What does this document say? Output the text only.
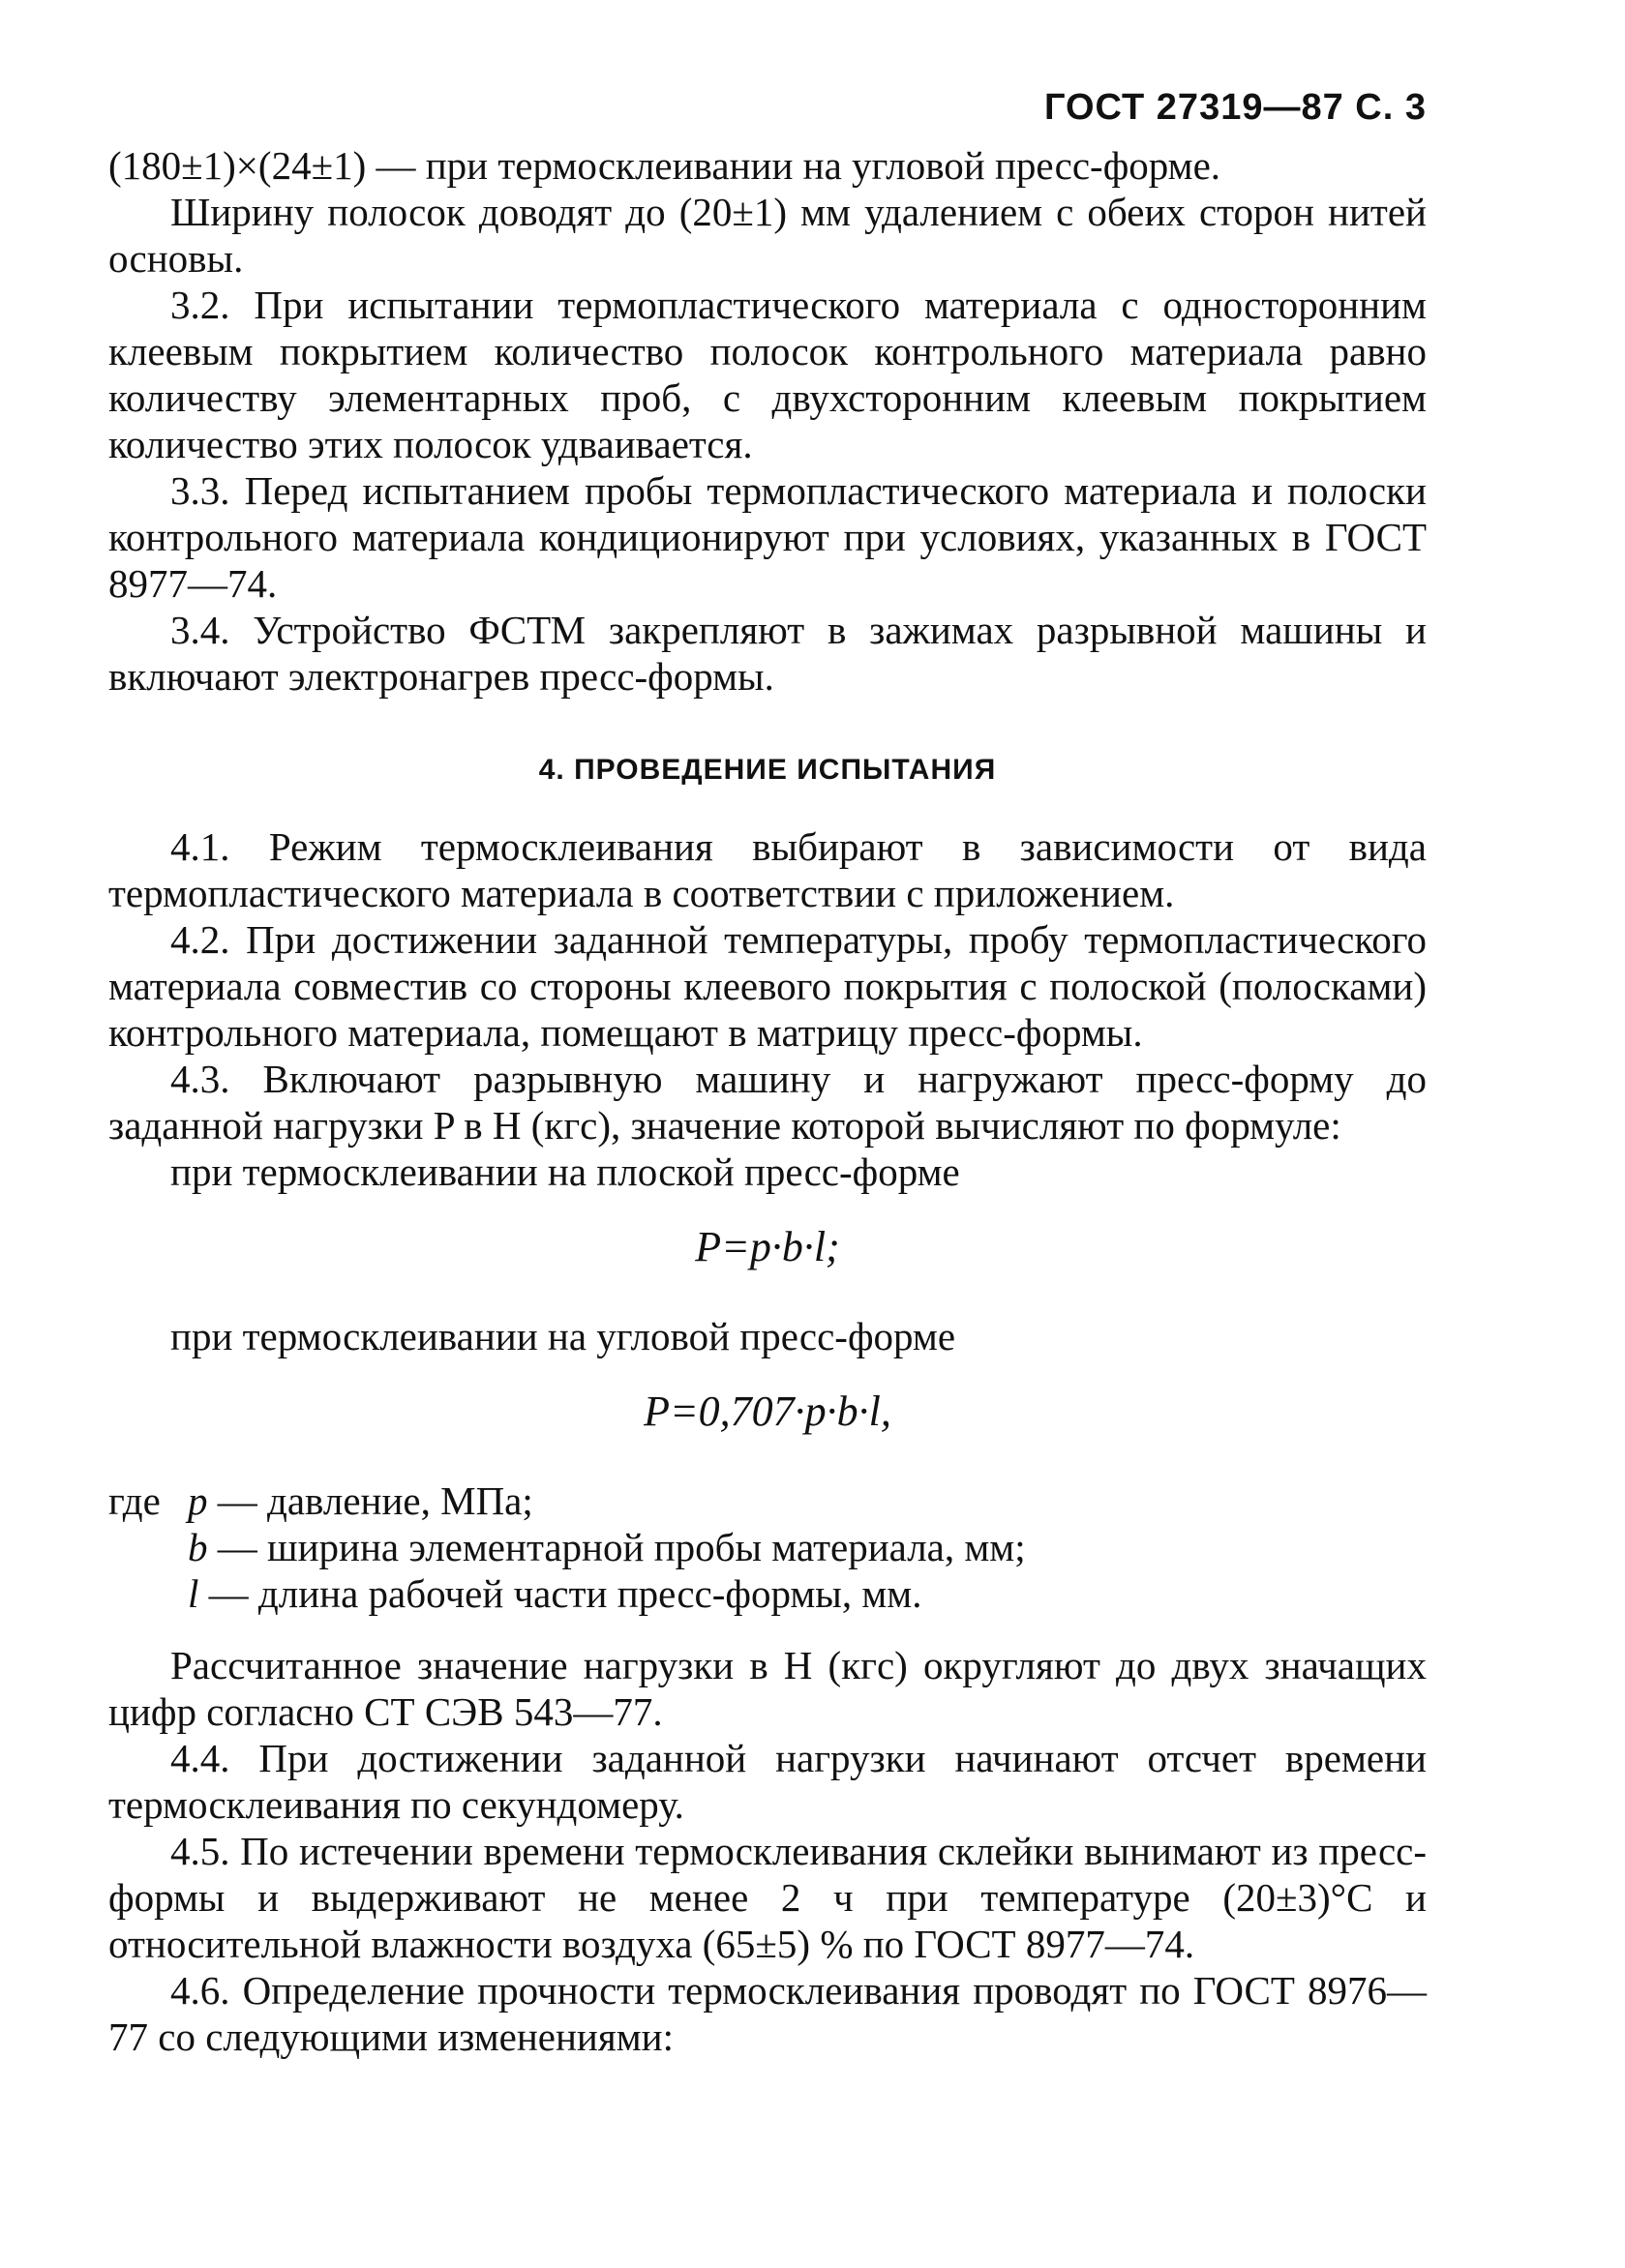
ГОСТ 27319—87 С. 3

(180±1)×(24±1) — при термосклеивании на угловой пресс-форме.

Ширину полосок доводят до (20±1) мм удалением с обеих сторон нитей основы.

3.2. При испытании термопластического материала с односторонним клеевым покрытием количество полосок контрольного материала равно количеству элементарных проб, с двухсторонним клеевым покрытием количество этих полосок удваивается.

3.3. Перед испытанием пробы термопластического материала и полоски контрольного материала кондиционируют при условиях, указанных в ГОСТ 8977—74.

3.4. Устройство ФСТМ закрепляют в зажимах разрывной машины и включают электронагрев пресс-формы.

4. ПРОВЕДЕНИЕ ИСПЫТАНИЯ

4.1. Режим термосклеивания выбирают в зависимости от вида термопластического материала в соответствии с приложением.

4.2. При достижении заданной температуры, пробу термопластического материала совместив со стороны клеевого покрытия с полоской (полосками) контрольного материала, помещают в матрицу пресс-формы.

4.3. Включают разрывную машину и нагружают пресс-форму до заданной нагрузки P в Н (кгс), значение которой вычисляют по формуле:

при термосклеивании на плоской пресс-форме

P=p·b·l;

при термосклеивании на угловой пресс-форме

P=0,707·p·b·l,
где p — давление, МПа;
b — ширина элементарной пробы материала, мм;
l — длина рабочей части пресс-формы, мм.

Рассчитанное значение нагрузки в Н (кгс) округляют до двух значащих цифр согласно СТ СЭВ 543—77.

4.4. При достижении заданной нагрузки начинают отсчет времени термосклеивания по секундомеру.

4.5. По истечении времени термосклеивания склейки вынимают из пресс-формы и выдерживают не менее 2 ч при температуре (20±3)°С и относительной влажности воздуха (65±5) % по ГОСТ 8977—74.

4.6. Определение прочности термосклеивания проводят по ГОСТ 8976—77 со следующими изменениями:
